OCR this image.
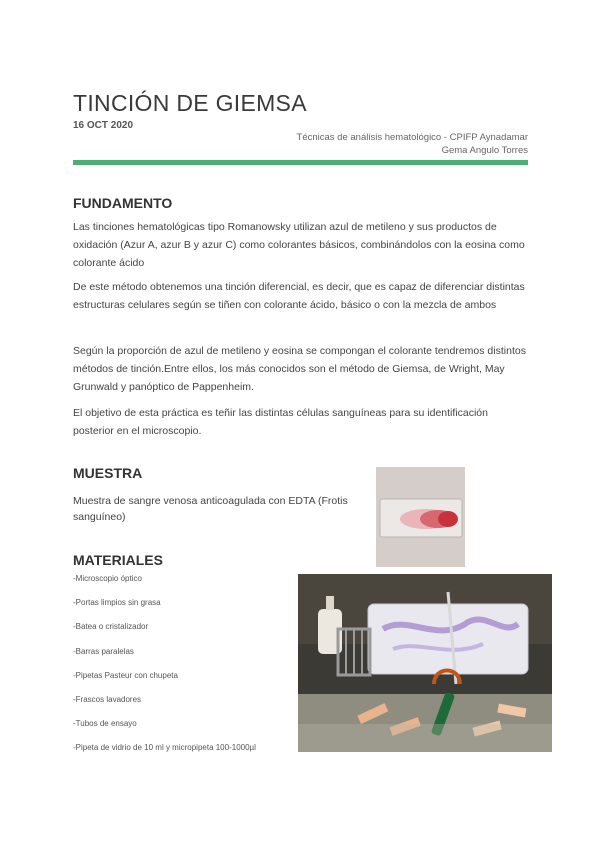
TINCIÓN DE GIEMSA
16 OCT 2020
Técnicas de análisis hematológico - CPIFP Aynadamar
Gema Angulo Torres
FUNDAMENTO
Las tinciones hematológicas tipo Romanowsky utilizan azul de metileno y sus productos de oxidación (Azur A, azur B y azur C) como colorantes básicos, combinándolos con la eosina como colorante ácido
De este método obtenemos una tinción diferencial, es decir, que es capaz de diferenciar distintas estructuras celulares según se tiñen con colorante ácido, básico o con la mezcla de ambos
Según la proporción de azul de metileno y eosina se compongan el colorante tendremos distintos métodos de tinción.Entre ellos, los más conocidos son el método de Giemsa, de Wright, May Grunwald y panóptico de Pappenheim.
El objetivo de esta práctica es teñir las distintas células sanguíneas para su identificación posterior en el microscopio.
MUESTRA
Muestra de sangre venosa anticoagulada con EDTA (Frotis sanguíneo)
MATERIALES
-Microscopio óptico
-Portas limpios sin grasa
-Batea o cristalizador
-Barras paralelas
-Pipetas Pasteur con chupeta
-Frascos lavadores
-Tubos de ensayo
-Pipeta de vidrio de 10 ml y micropipeta 100-1000µl
